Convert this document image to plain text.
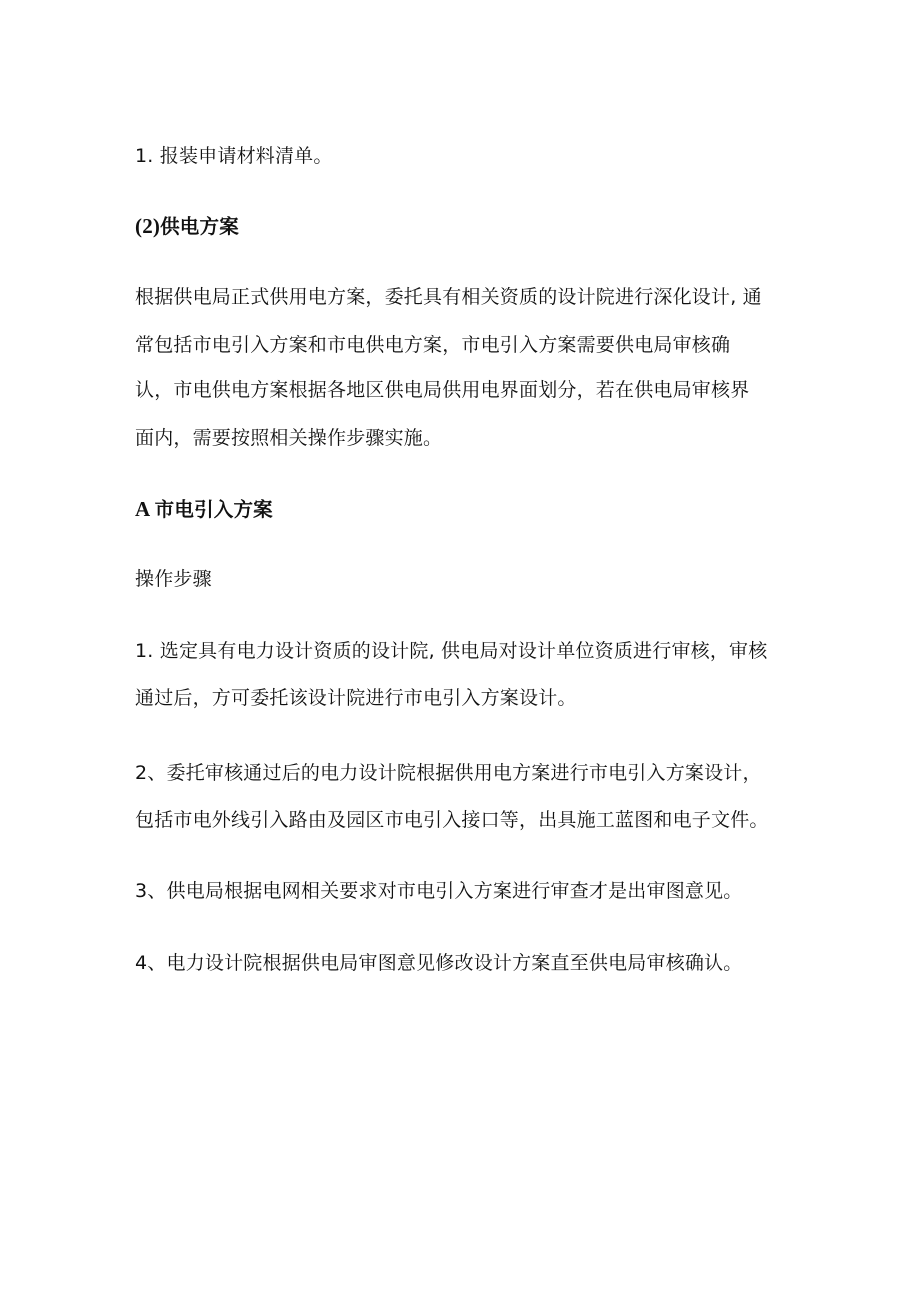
1. 报装申请材料清单。
(2)供电方案
根据供电局正式供用电方案，委托具有相关资质的设计院进行深化设计, 通
常包括市电引入方案和市电供电方案，市电引入方案需要供电局审核确
认，市电供电方案根据各地区供电局供用电界面划分，若在供电局审核界
面内，需要按照相关操作步骤实施。
A 市电引入方案
操作步骤
1. 选定具有电力设计资质的设计院, 供电局对设计单位资质进行审核，审核
通过后，方可委托该设计院进行市电引入方案设计。
2、委托审核通过后的电力设计院根据供用电方案进行市电引入方案设计，
包括市电外线引入路由及园区市电引入接口等，出具施工蓝图和电子文件。
3、供电局根据电网相关要求对市电引入方案进行审查才是出审图意见。
4、电力设计院根据供电局审图意见修改设计方案直至供电局审核确认。
